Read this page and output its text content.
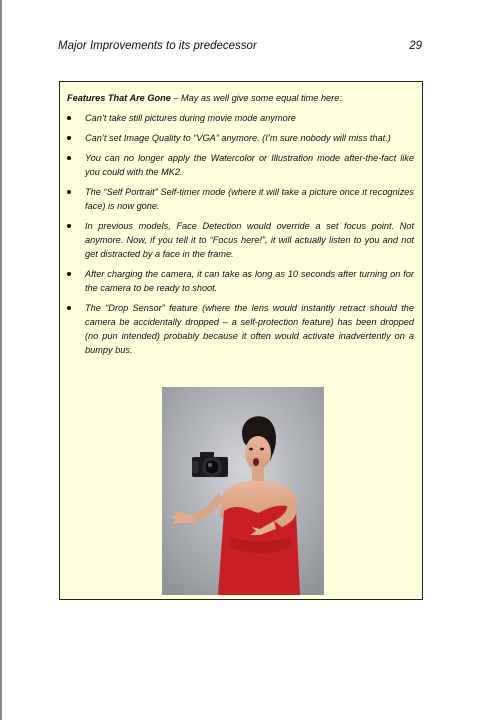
Major Improvements to its predecessor	29

Features That Are Gone – May as well give some equal time here:

Can’t take still pictures during movie mode anymore
Can’t set Image Quality to “VGA” anymore. (I’m sure nobody will miss that.)
You can no longer apply the Watercolor or Illustration mode after-the-fact like you could with the MK2.
The “Self Portrait” Self-timer mode (where it will take a picture once it recognizes face) is now gone.
In previous models, Face Detection would override a set focus point. Not anymore. Now, if you tell it to “Focus here!”, it will actually listen to you and not get distracted by a face in the frame.
After charging the camera, it can take as long as 10 seconds after turning on for the camera to be ready to shoot.
The “Drop Sensor” feature (where the lens would instantly retract should the camera be accidentally dropped – a self-protection feature) has been dropped (no pun intended) probably because it often would activate inadvertently on a bumpy bus.
